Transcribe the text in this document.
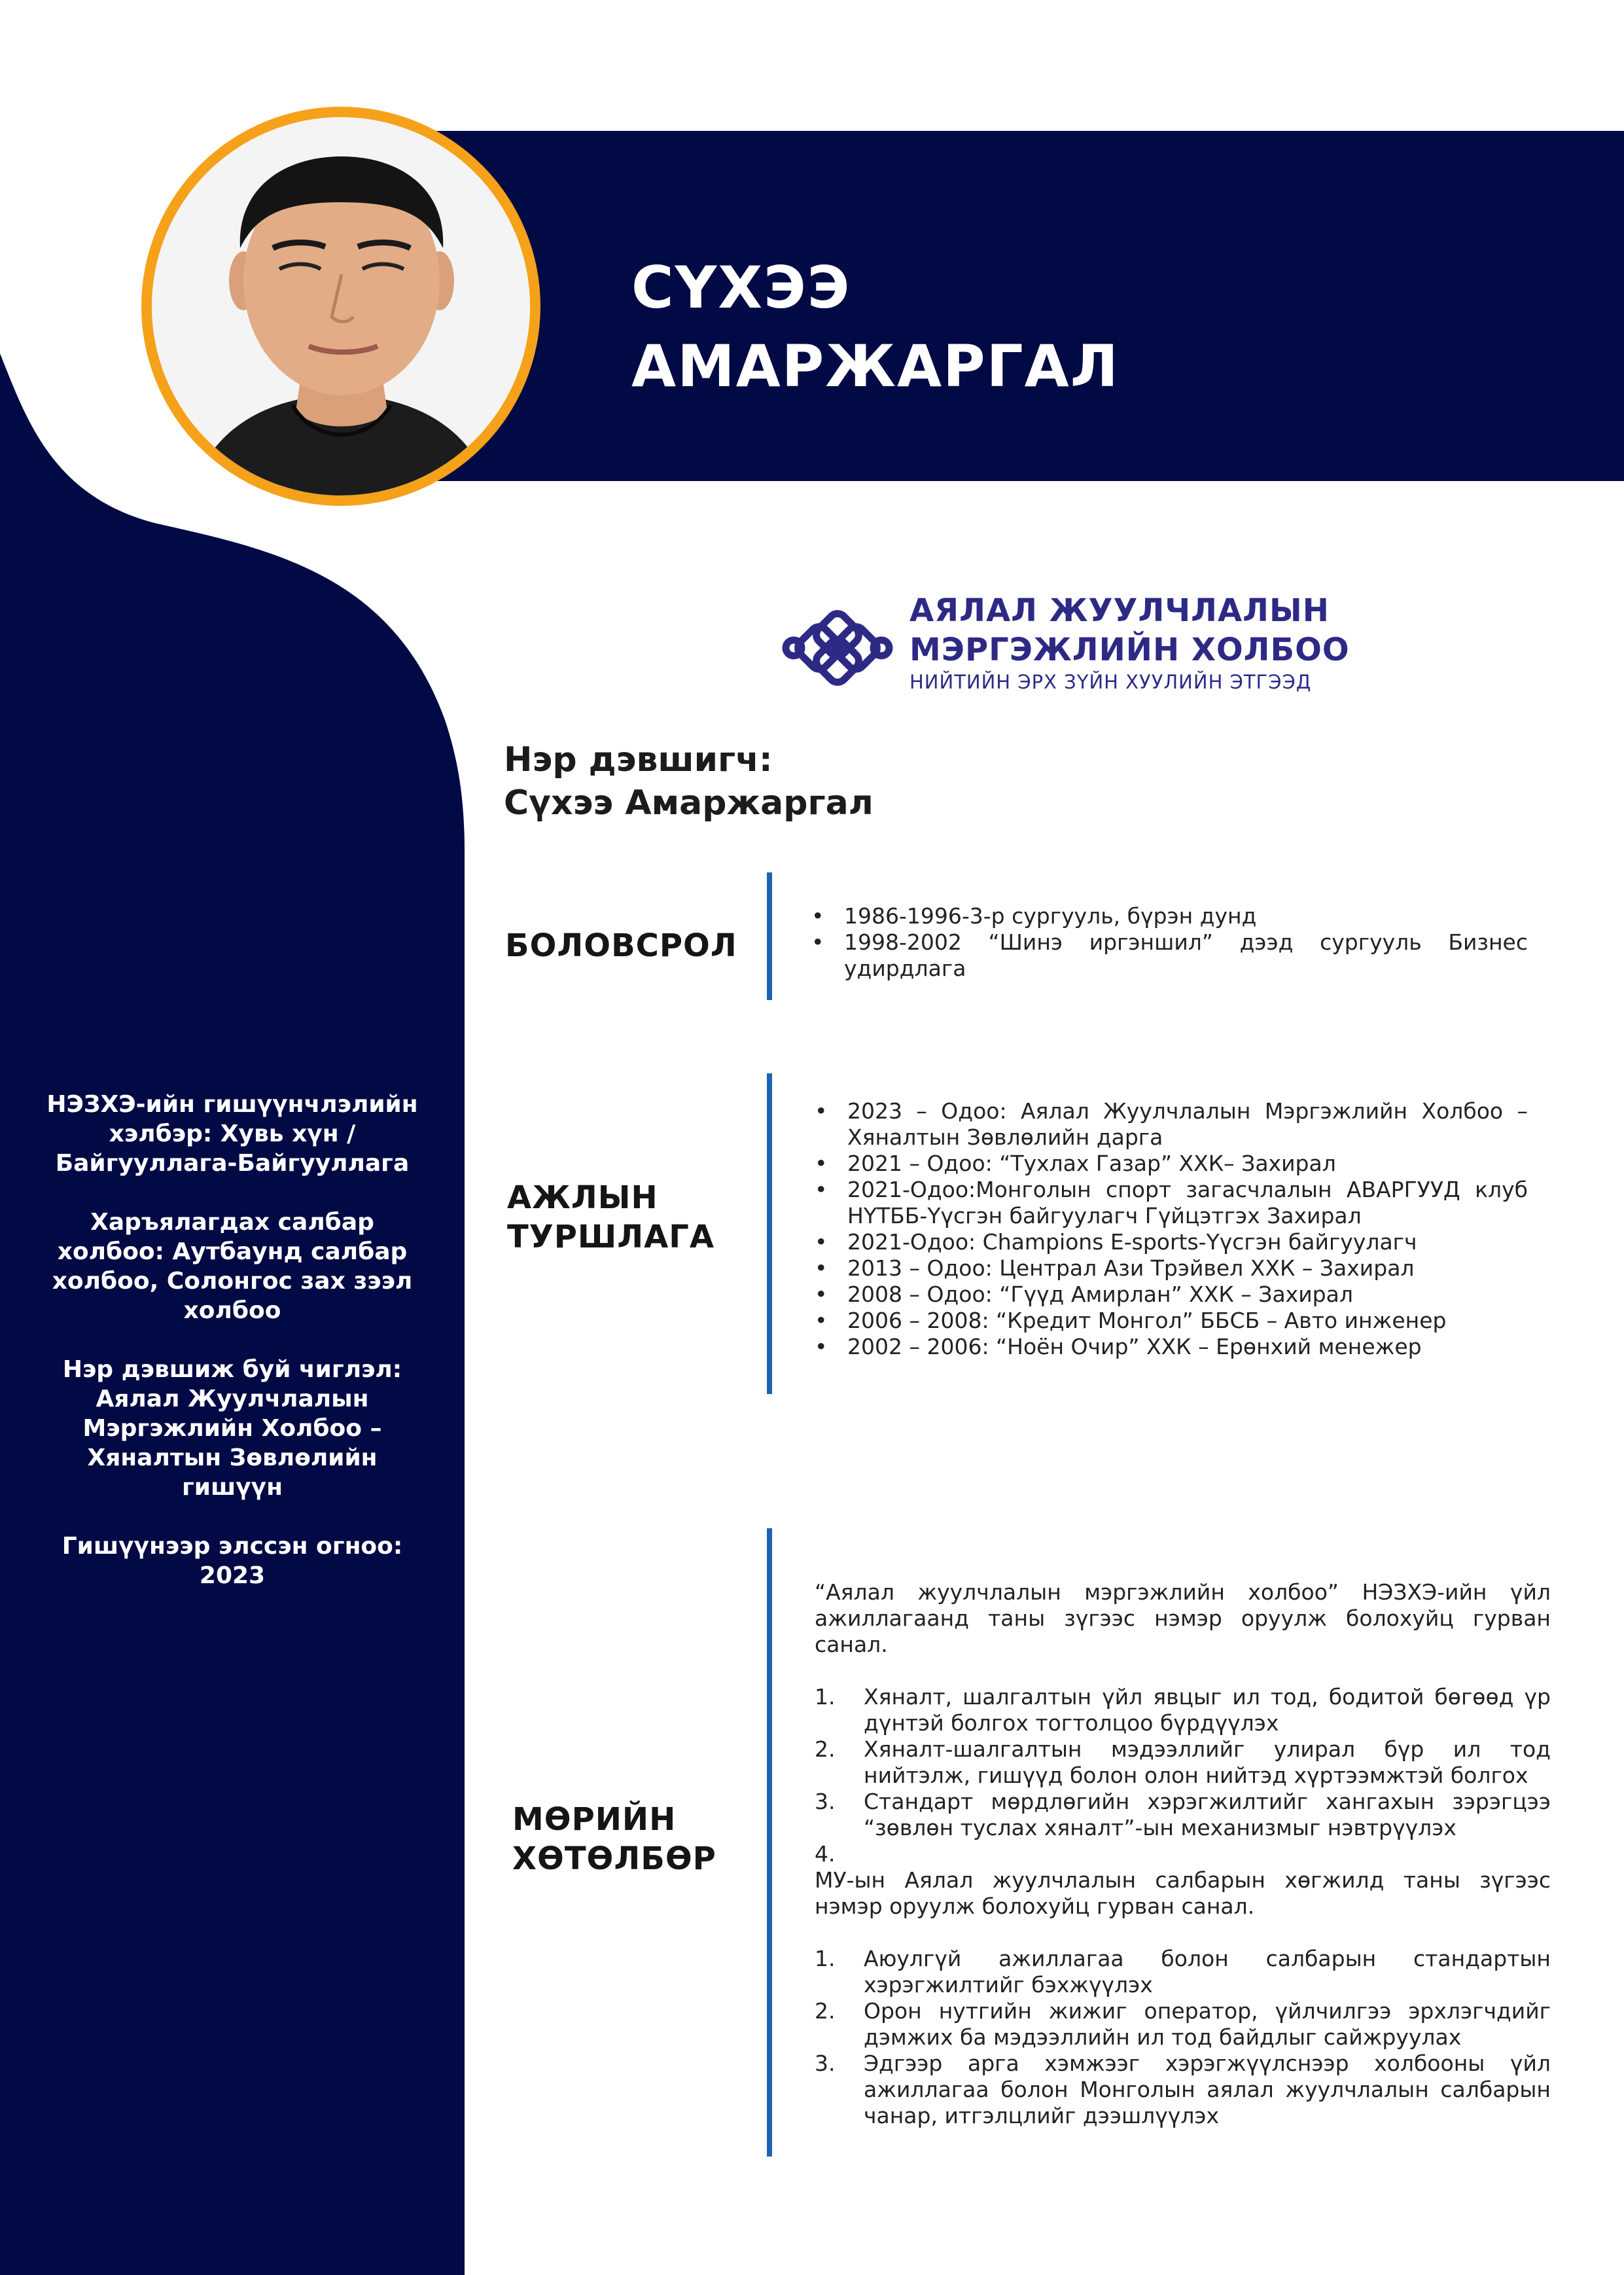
СҮХЭЭ
АМАРЖАРГАЛ
АЯЛАЛ ЖУУЛЧЛАЛЫН
МЭРГЭЖЛИЙН ХОЛБОО
НИЙТИЙН ЭРХ ЗҮЙН ХУУЛИЙН ЭТГЭЭД
Нэр дэвшигч:
Сүхээ Амаржаргал
НЭЗХЭ-ийн гишүүнчлэлийн хэлбэр: Хувь хүн / Байгууллага-Байгууллага
Харъялагдах салбар холбоо: Аутбаунд салбар холбоо, Солонгос зах зээл холбоо
Нэр дэвшиж буй чиглэл: Аялал Жуулчлалын Мэргэжлийн Холбоо – Хяналтын Зөвлөлийн гишүүн
Гишүүнээр элссэн огноо: 2023
БОЛОВСРОЛ
• 1986-1996-3-р сургууль, бүрэн дунд
• 1998-2002 “Шинэ иргэншил” дээд сургууль Бизнес удирдлага
АЖЛЫН
ТУРШЛАГА
• 2023 – Одоо: Аялал Жуулчлалын Мэргэжлийн Холбоо – Хяналтын Зөвлөлийн дарга
• 2021 – Одоо: “Тухлах Газар” ХХК– Захирал
• 2021-Одоо:Монголын спорт загасчлалын АВАРГУУД клуб НҮТББ-Үүсгэн байгуулагч Гүйцэтгэх Захирал
• 2021-Одоо: Champions E-sports-Үүсгэн байгуулагч
• 2013 – Одоо: Централ Ази Трэйвел ХХК – Захирал
• 2008 – Одоо: “Гүүд Амирлан” ХХК – Захирал
• 2006 – 2008: “Кредит Монгол” ББСБ – Авто инженер
• 2002 – 2006: “Ноён Очир” ХХК – Ерөнхий менежер
МӨРИЙН
ХӨТӨЛБӨР
“Аялал жуулчлалын мэргэжлийн холбоо” НЭЗХЭ-ийн үйл ажиллагаанд таны зүгээс нэмэр оруулж болохуйц гурван санал.
1. Хяналт, шалгалтын үйл явцыг ил тод, бодитой бөгөөд үр дүнтэй болгох тогтолцоо бүрдүүлэх
2. Хяналт-шалгалтын мэдээллийг улирал бүр ил тод нийтэлж, гишүүд болон олон нийтэд хүртээмжтэй болгох
3. Стандарт мөрдлөгийн хэрэгжилтийг хангахын зэрэгцээ “зөвлөн туслах хяналт”-ын механизмыг нэвтрүүлэх
4.
МУ-ын Аялал жуулчлалын салбарын хөгжилд таны зүгээс нэмэр оруулж болохуйц гурван санал.
1. Аюулгүй ажиллагаа болон салбарын стандартын хэрэгжилтийг бэхжүүлэх
2. Орон нутгийн жижиг оператор, үйлчилгээ эрхлэгчдийг дэмжих ба мэдээллийн ил тод байдлыг сайжруулах
3. Эдгээр арга хэмжээг хэрэгжүүлснээр холбооны үйл ажиллагаа болон Монголын аялал жуулчлалын салбарын чанар, итгэлцлийг дээшлүүлэх
